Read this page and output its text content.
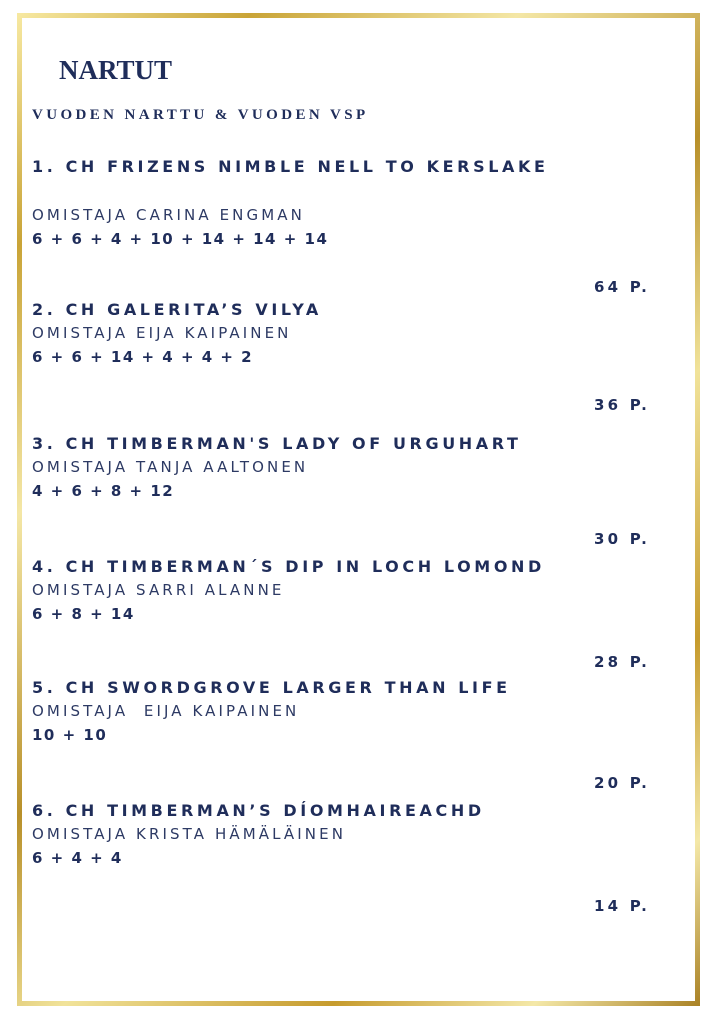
NARTUT
VUODEN NARTTU & VUODEN VSP

1. CH FRIZENS NIMBLE NELL TO KERSLAKE

OMISTAJA CARINA ENGMAN

6 + 6 + 4 + 10 + 14 + 14 + 14

64 P.

2. CH GALERITA’S VILYA

OMISTAJA EIJA KAIPAINEN

6 + 6 + 14 + 4 + 4 + 2

36 P.

3. CH TIMBERMAN'S LADY OF URGUHART

OMISTAJA TANJA AALTONEN

4 + 6 + 8 + 12

30 P.

4. CH TIMBERMAN´S DIP IN LOCH LOMOND

OMISTAJA SARRI ALANNE

6 + 8 + 14

28 P.

5. CH SWORDGROVE LARGER THAN LIFE

OMISTAJA  EIJA KAIPAINEN

10 + 10

20 P.

6. CH TIMBERMAN’S DÍOMHAIREACHD

OMISTAJA KRISTA HÄMÄLÄINEN

6 + 4 + 4

14 P.
